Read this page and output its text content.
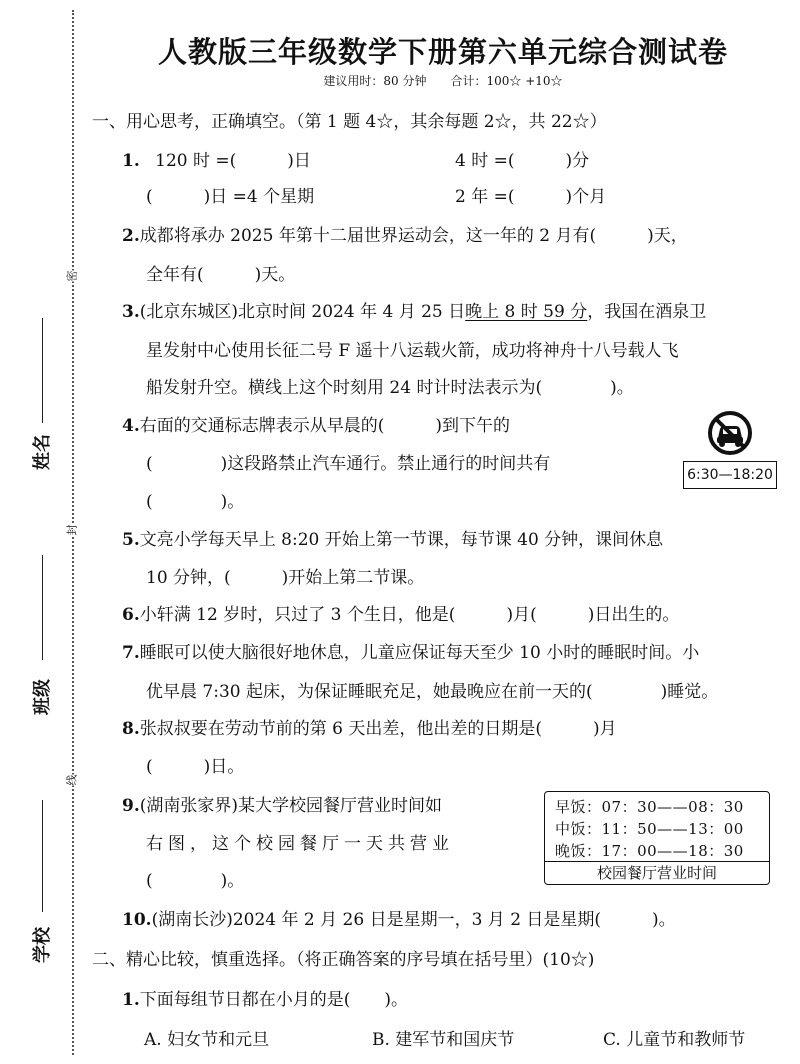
密
封
线
姓名
班级
学校
人教版三年级数学下册第六单元综合测试卷
建议用时：80 分钟　　合计：100☆ +10☆
一、用心思考，正确填空。（第 1 题 4☆，其余每题 2☆，共 22☆）
1. 120 时 =(　　　)日	4 时 =(　　　)分
(　　　)日 =4 个星期	2 年 =(　　　)个月
2.成都将承办 2025 年第十二届世界运动会，这一年的 2 月有(　　　)天，
全年有(　　　)天。
3.(北京东城区)北京时间 2024 年 4 月 25 日晚上 8 时 59 分，我国在酒泉卫
星发射中心使用长征二号 F 遥十八运载火箭，成功将神舟十八号载人飞
船发射升空。横线上这个时刻用 24 时计时法表示为(　　　　)。
4.右面的交通标志牌表示从早晨的(　　　)到下午的
(　　　　)这段路禁止汽车通行。禁止通行的时间共有
(　　　　)。
6:30—18:20
5.文亮小学每天早上 8:20 开始上第一节课，每节课 40 分钟，课间休息
10 分钟，(　　　)开始上第二节课。
6.小轩满 12 岁时，只过了 3 个生日，他是(　　　)月(　　　)日出生的。
7.睡眠可以使大脑很好地休息，儿童应保证每天至少 10 小时的睡眠时间。小
优早晨 7:30 起床，为保证睡眠充足，她最晚应在前一天的(　　　　)睡觉。
8.张叔叔要在劳动节前的第 6 天出差，他出差的日期是(　　　)月
(　　　)日。
9.(湖南张家界)某大学校园餐厅营业时间如
右图，这个校园餐厅一天共营业
(　　　　)。
早饭：07：30——08：30
中饭：11：50——13：00
晚饭：17：00——18：30
校园餐厅营业时间
10.(湖南长沙)2024 年 2 月 26 日是星期一，3 月 2 日是星期(　　　)。
二、精心比较，慎重选择。（将正确答案的序号填在括号里）(10☆)
1.下面每组节日都在小月的是(　　)。
A. 妇女节和元旦	B. 建军节和国庆节	C. 儿童节和教师节
